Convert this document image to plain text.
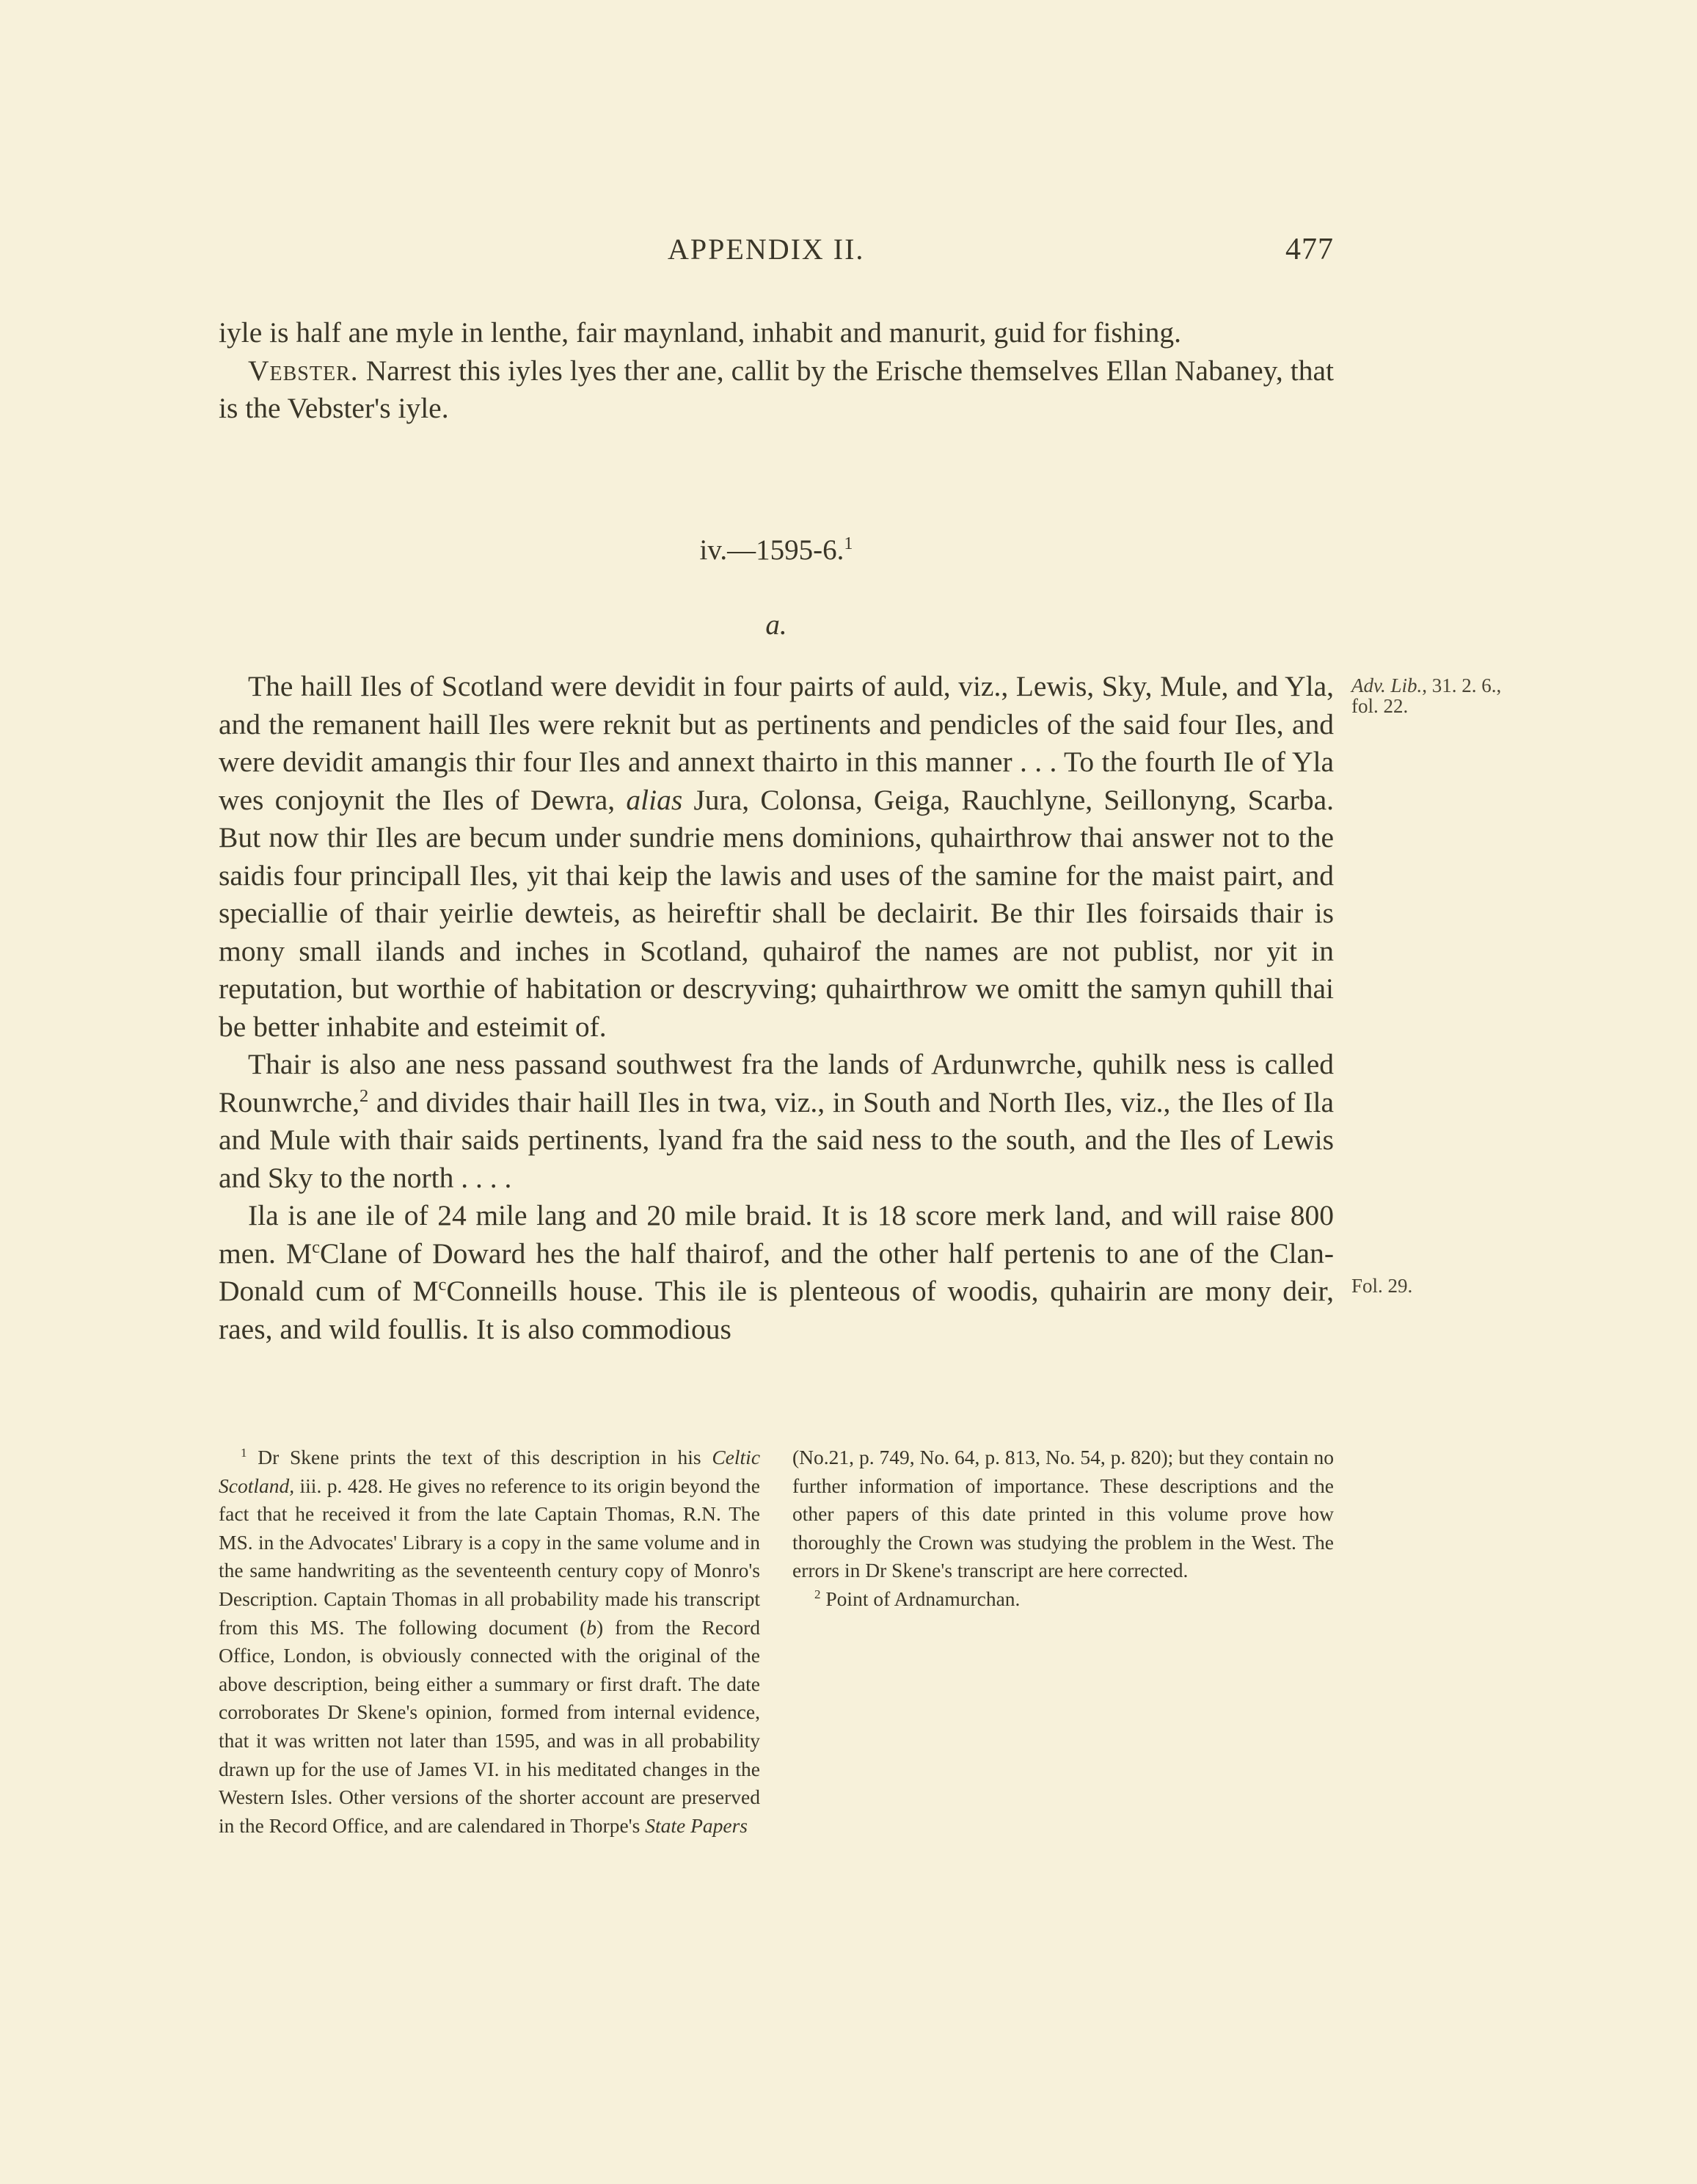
APPENDIX II.	477

iyle is half ane myle in lenthe, fair maynland, inhabit and manurit, guid for fishing.

Vebster. Narrest this iyles lyes ther ane, callit by the Erische themselves Ellan Nabaney, that is the Vebster's iyle.

iv.—1595-6.$^1$
a.
Adv. Lib., 31. 2. 6.,
fol. 22.
Fol. 29.

The haill Iles of Scotland were devidit in four pairts of auld, viz., Lewis, Sky, Mule, and Yla, and the remanent haill Iles were reknit but as pertinents and pendicles of the said four Iles, and were devidit amangis thir four Iles and annext thairto in this manner . . . To the fourth Ile of Yla wes conjoynit the Iles of Dewra, alias Jura, Colonsa, Geiga, Rauchlyne, Seillonyng, Scarba. But now thir Iles are becum under sundrie mens dominions, quhairthrow thai answer not to the saidis four principall Iles, yit thai keip the lawis and uses of the samine for the maist pairt, and speciallie of thair yeirlie dewteis, as heireftir shall be declairit. Be thir Iles foirsaids thair is mony small ilands and inches in Scotland, quhairof the names are not publist, nor yit in reputation, but worthie of habitation or descryving; quhairthrow we omitt the samyn quhill thai be better inhabite and esteimit of.

Thair is also ane ness passand southwest fra the lands of Ardunwrche, quhilk ness is called Rounwrche,$^2$ and divides thair haill Iles in twa, viz., in South and North Iles, viz., the Iles of Ila and Mule with thair saids pertinents, lyand fra the said ness to the south, and the Iles of Lewis and Sky to the north . . . .

Ila is ane ile of 24 mile lang and 20 mile braid. It is 18 score merk land, and will raise 800 men. $M^cClane$ of Doward hes the half thairof, and the other half pertenis to ane of the Clan-Donald cum of $M^cConneills$ house. This ile is plenteous of woodis, quhairin are mony deir, raes, and wild foullis. It is also commodious

$^1$ Dr Skene prints the text of this description in his Celtic Scotland, iii. p. 428. He gives no reference to its origin beyond the fact that he received it from the late Captain Thomas, R.N. The MS. in the Advocates' Library is a copy in the same volume and in the same handwriting as the seventeenth century copy of Monro's Description. Captain Thomas in all probability made his transcript from this MS. The following document (b) from the Record Office, London, is obviously connected with the original of the above description, being either a summary or first draft. The date corroborates Dr Skene's opinion, formed from internal evidence, that it was written not later than 1595, and was in all probability drawn up for the use of James VI. in his meditated changes in the Western Isles. Other versions of the shorter account are preserved in the Record Office, and are calendared in Thorpe's State Papers

(No.21, p. 749, No. 64, p. 813, No. 54, p. 820); but they contain no further information of importance. These descriptions and the other papers of this date printed in this volume prove how thoroughly the Crown was studying the problem in the West. The errors in Dr Skene's transcript are here corrected.

$^2$ Point of Ardnamurchan.
